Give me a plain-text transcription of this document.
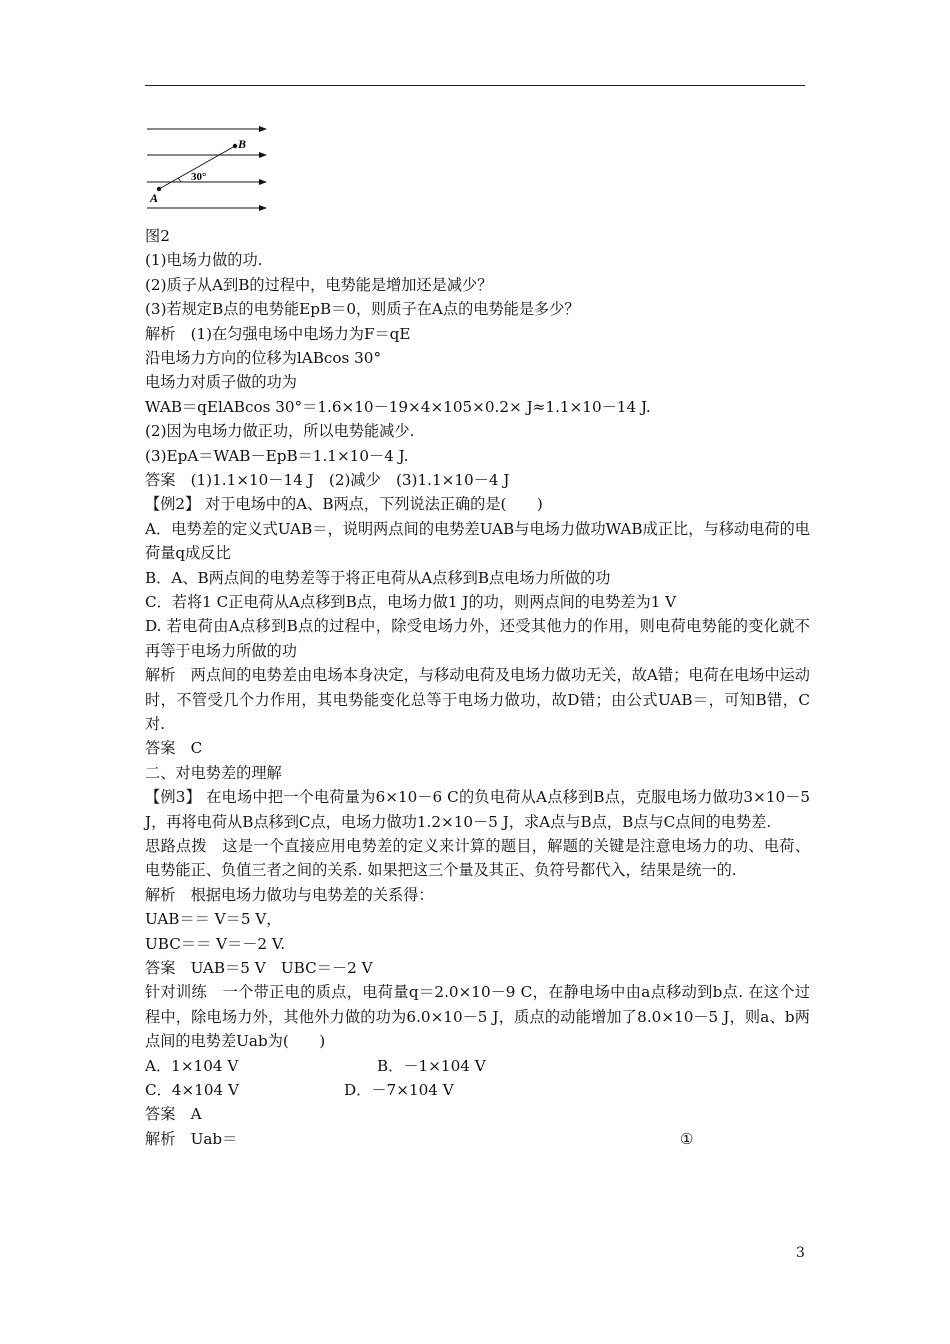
B
A
30°
图2
(1)电场力做的功.
(2)质子从A到B的过程中，电势能是增加还是减少？
(3)若规定B点的电势能EpB＝0，则质子在A点的电势能是多少？
解析　(1)在匀强电场中电场力为F＝qE
沿电场力方向的位移为lABcos 30°
电场力对质子做的功为
WAB＝qElABcos 30°＝1.6×10－19×4×105×0.2× J≈1.1×10－14 J.
(2)因为电场力做正功，所以电势能减少.
(3)EpA＝WAB－EpB＝1.1×10－4 J.
答案　(1)1.1×10－14 J　(2)减少　(3)1.1×10－4 J
【例2】 对于电场中的A、B两点，下列说法正确的是(　　)
A．电势差的定义式UAB＝，说明两点间的电势差UAB与电场力做功WAB成正比，与移动电荷的电荷量q成反比
B．A、B两点间的电势差等于将正电荷从A点移到B点电场力所做的功
C．若将1 C正电荷从A点移到B点，电场力做1 J的功，则两点间的电势差为1 V
D. 若电荷由A点移到B点的过程中，除受电场力外，还受其他力的作用，则电荷电势能的变化就不再等于电场力所做的功
解析　两点间的电势差由电场本身决定，与移动电荷及电场力做功无关，故A错；电荷在电场中运动时，不管受几个力作用，其电势能变化总等于电场力做功，故D错；由公式UAB＝，可知B错，C对.
答案　C
二、对电势差的理解
【例3】 在电场中把一个电荷量为6×10－6 C的负电荷从A点移到B点，克服电场力做功3×10－5 J，再将电荷从B点移到C点，电场力做功1.2×10－5 J，求A点与B点，B点与C点间的电势差.
思路点拨　这是一个直接应用电势差的定义来计算的题目，解题的关键是注意电场力的功、电荷、电势能正、负值三者之间的关系. 如果把这三个量及其正、负符号都代入，结果是统一的.
解析　根据电场力做功与电势差的关系得：
UAB＝＝ V＝5 V，
UBC＝＝ V＝－2 V.
答案　UAB＝5 V　UBC＝－2 V
针对训练　一个带正电的质点，电荷量q＝2.0×10－9 C，在静电场中由a点移动到b点. 在这个过程中，除电场力外，其他外力做的功为6.0×10－5 J，质点的动能增加了8.0×10－5 J，则a、b两点间的电势差Uab为(　　)
A．1×104 V	B．－1×104 V
C．4×104 V	D．－7×104 V
答案　A
解析　Uab＝	①
3
